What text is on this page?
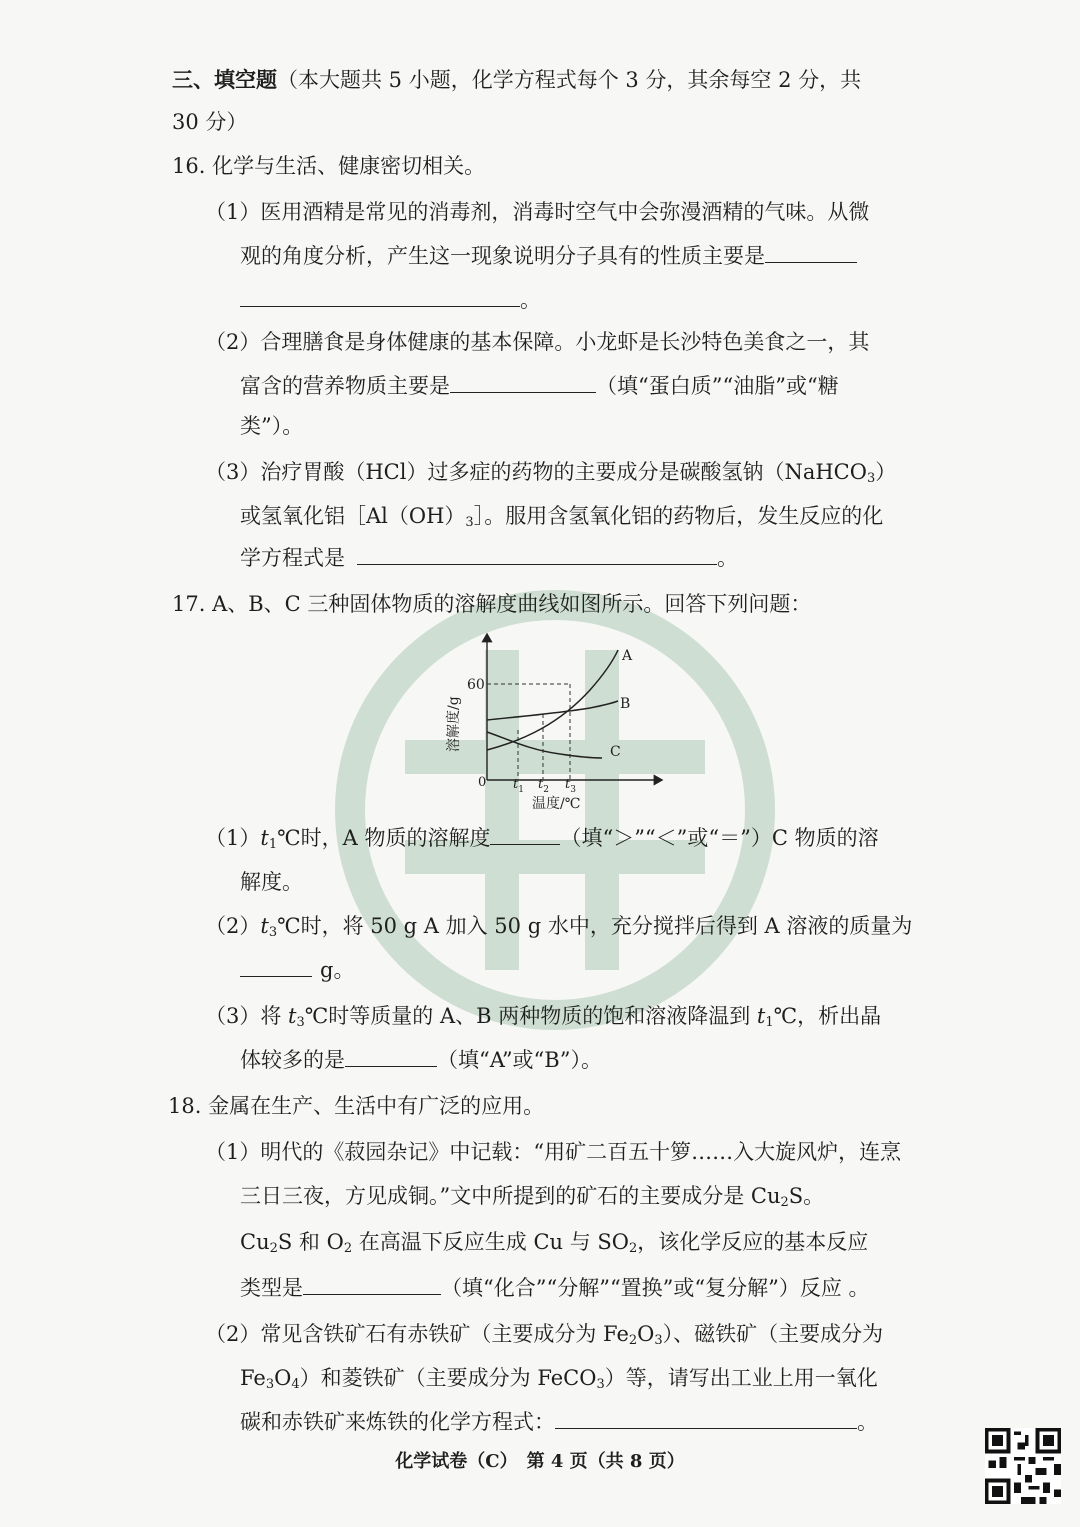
三、填空题（本大题共 5 小题，化学方程式每个 3 分，其余每空 2 分，共
30 分）
16. 化学与生活、健康密切相关。
（1）医用酒精是常见的消毒剂，消毒时空气中会弥漫酒精的气味。从微
观的角度分析，产生这一现象说明分子具有的性质主要是
。
（2）合理膳食是身体健康的基本保障。小龙虾是长沙特色美食之一，其
富含的营养物质主要是	（填“蛋白质”“油脂”或“糖
类”）。
（3）治疗胃酸（HCl）过多症的药物的主要成分是碳酸氢钠（NaHCO$_3$）
或氢氧化铝$[Al(OH)_3]$。服用含氢氧化铝的药物后，发生反应的化
学方程式是	。
17. A、B、C 三种固体物质的溶解度曲线如图所示。回答下列问题：
A
B
C
60
0 $t_1$ $t_2$ $t_3$
温度/℃
溶解度/g
$(1)t_1℃$时，A 物质的溶解度	（填“＞”“＜”或“＝”）C 物质的溶
解度。
$(2)t_3℃$时，将 50 g A 加入 50 g 水中，充分搅拌后得到 A 溶液的质量为
g。
（3）将 $t_3℃$时等质量的 A、B 两种物质的饱和溶液降温到 $t_1℃$，析出晶
体较多的是	（填“A”或“B”）。
18. 金属在生产、生活中有广泛的应用。
（1）明代的《菽园杂记》中记载：“用矿二百五十箩……入大旋风炉，连烹
三日三夜，方见成铜。”文中所提到的矿石的主要成分是 $Cu_2S$。
$Cu_2S$ 和 $O_2$ 在高温下反应生成 Cu 与 $SO_2$，该化学反应的基本反应
类型是	（填“化合”“分解”“置换”或“复分解”）反应 。
（2）常见含铁矿石有赤铁矿（主要成分为 $Fe_2O_3$）、磁铁矿（主要成分为
$Fe_3O_4$）和菱铁矿（主要成分为 FeCO$_3$）等，请写出工业上用一氧化
碳和赤铁矿来炼铁的化学方程式：	。
化学试卷（C）　第 4 页（共 8 页）
